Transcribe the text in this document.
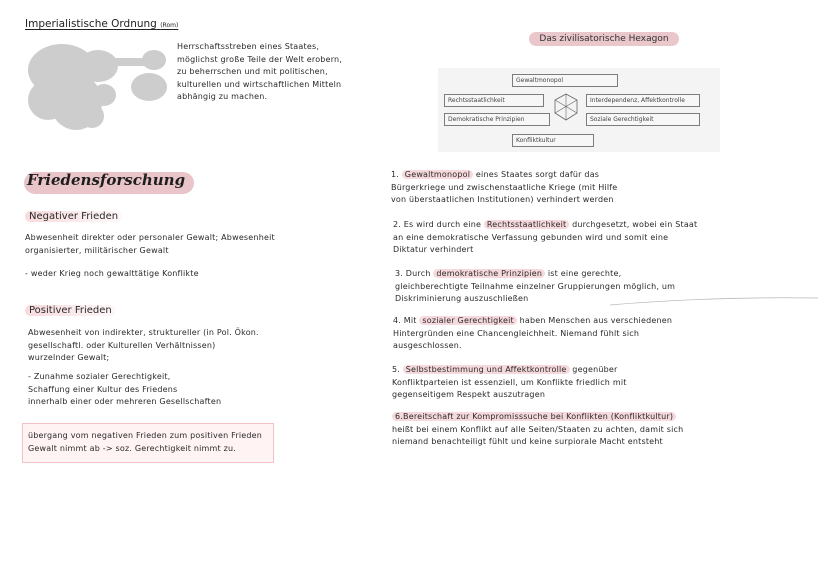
Imperialistische Ordnung (Rom)
Herrschaftsstreben eines Staates,
möglichst große Teile der Welt erobern,
zu beherrschen und mit politischen,
kulturellen und wirtschaftlichen Mitteln
abhängig zu machen.
Friedensforschung
Negativer Frieden
Abwesenheit direkter oder personaler Gewalt; Abwesenheit
organisierter, militärischer Gewalt
- weder Krieg noch gewalttätige Konflikte
Positiver Frieden
Abwesenheit von indirekter, struktureller (in Pol. Ökon.
gesellschaftl. oder Kulturellen Verhältnissen)
wurzelnder Gewalt;
- Zunahme sozialer Gerechtigkeit,
Schaffung einer Kultur des Friedens
innerhalb einer oder mehreren Gesellschaften
übergang vom negativen Frieden zum positiven Frieden
Gewalt nimmt ab -> soz. Gerechtigkeit nimmt zu.
Das zivilisatorische Hexagon
Gewaltmonopol
Rechtsstaatlichkeit
Demokratische Prinzipien
Interdependenz, Affektkontrolle
Soziale Gerechtigkeit
Konfliktkultur
1. Gewaltmonopol eines Staates sorgt dafür das
Bürgerkriege und zwischenstaatliche Kriege (mit Hilfe
von überstaatlichen Institutionen) verhindert werden
2. Es wird durch eine Rechtsstaatlichkeit durchgesetzt, wobei ein Staat
an eine demokratische Verfassung gebunden wird und somit eine
Diktatur verhindert
3. Durch demokratische Prinzipien ist eine gerechte,
gleichberechtigte Teilnahme einzelner Gruppierungen möglich, um
Diskriminierung auszuschließen
4. Mit sozialer Gerechtigkeit haben Menschen aus verschiedenen
Hintergründen eine Chancengleichheit. Niemand fühlt sich
ausgeschlossen.
5. Selbstbestimmung und Affektkontrolle gegenüber
Konfliktparteien ist essenziell, um Konflikte friedlich mit
gegenseitigem Respekt auszutragen
6.Bereitschaft zur Kompromisssuche bei Konflikten (Konfliktkultur)
heißt bei einem Konflikt auf alle Seiten/Staaten zu achten, damit sich
niemand benachteiligt fühlt und keine surpiorale Macht entsteht
